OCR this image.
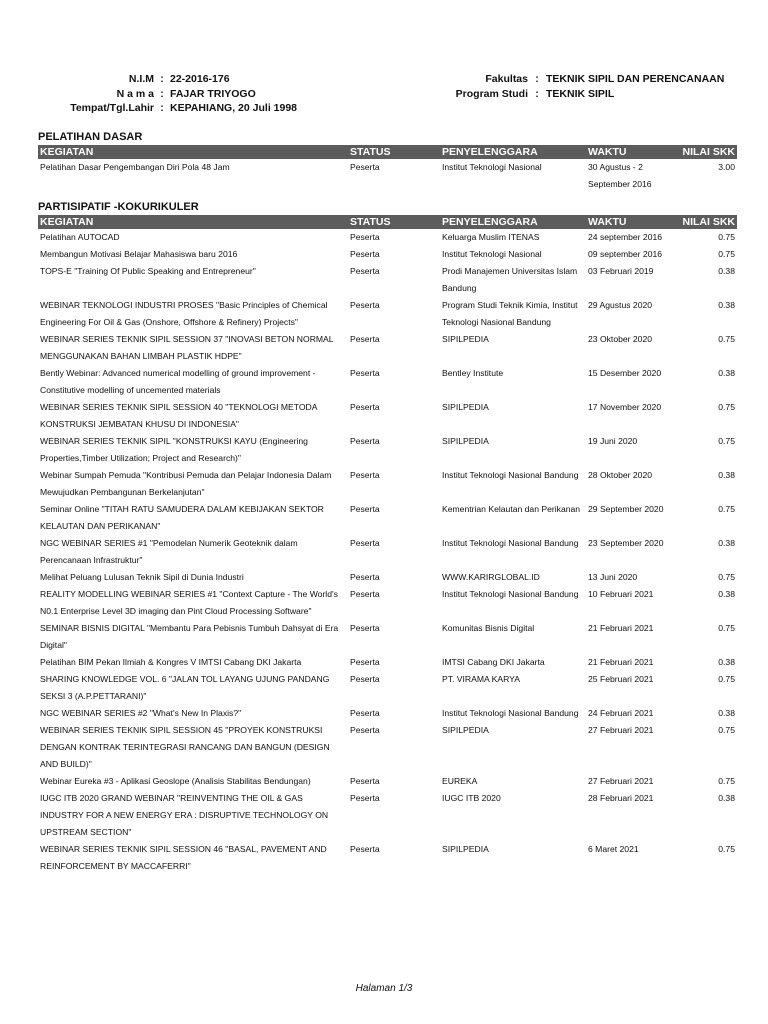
N.I.M	:	22-2016-176
N a m a	:	FAJAR TRIYOGO
Tempat/Tgl.Lahir	:	KEPAHIANG, 20 Juli 1998
Fakultas	:	TEKNIK SIPIL DAN PERENCANAAN
Program Studi	:	TEKNIK SIPIL
PELATIHAN DASAR
KEGIATAN	STATUS	PENYELENGGARA	WAKTU	NILAI SKK
Pelatihan Dasar Pengembangan Diri Pola 48 Jam	Peserta	Institut Teknologi Nasional	30 Agustus - 2 September 2016	3.00
PARTISIPATIF -KOKURIKULER
KEGIATAN	STATUS	PENYELENGGARA	WAKTU	NILAI SKK
Pelatihan AUTOCAD	Peserta	Keluarga Muslim ITENAS	24 september 2016	0.75
Membangun Motivasi Belajar Mahasiswa baru 2016	Peserta	Institut Teknologi Nasional	09 september 2016	0.75
TOPS-E "Training Of Public Speaking and Entrepreneur"	Peserta	Prodi Manajemen Universitas Islam Bandung	03 Februari 2019	0.38
WEBINAR TEKNOLOGI INDUSTRI PROSES "Basic Principles of Chemical Engineering For Oil & Gas (Onshore, Offshore & Refinery) Projects"	Peserta	Program Studi Teknik Kimia, Institut Teknologi Nasional Bandung	29 Agustus 2020	0.38
WEBINAR SERIES TEKNIK SIPIL SESSION 37 "INOVASI BETON NORMAL MENGGUNAKAN BAHAN LIMBAH PLASTIK HDPE"	Peserta	SIPILPEDIA	23 Oktober 2020	0.75
Bently Webinar: Advanced numerical modelling of ground improvement - Constitutive modelling of uncemented materials	Peserta	Bentley Institute	15 Desember 2020	0.38
WEBINAR SERIES TEKNIK SIPIL SESSION 40 "TEKNOLOGI METODA KONSTRUKSI JEMBATAN KHUSU DI INDONESIA"	Peserta	SIPILPEDIA	17 November 2020	0.75
WEBINAR SERIES TEKNIK SIPIL "KONSTRUKSI KAYU (Engineering Properties,Timber Utilization; Project and Research)"	Peserta	SIPILPEDIA	19 Juni 2020	0.75
Webinar Sumpah Pemuda "Kontribusi Pemuda dan Pelajar Indonesia Dalam Mewujudkan Pembangunan Berkelanjutan"	Peserta	Institut Teknologi Nasional Bandung	28 Oktober 2020	0.38
Seminar Online "TITAH RATU SAMUDERA DALAM KEBIJAKAN SEKTOR KELAUTAN DAN PERIKANAN"	Peserta	Kementrian Kelautan dan Perikanan	29 September 2020	0.75
NGC WEBINAR SERIES #1 "Pemodelan Numerik Geoteknik dalam Perencanaan Infrastruktur"	Peserta	Institut Teknologi Nasional Bandung	23 September 2020	0.38
Melihat Peluang Lulusan Teknik Sipil di Dunia Industri	Peserta	WWW.KARIRGLOBAL.ID	13 Juni 2020	0.75
REALITY MODELLING WEBINAR SERIES #1 "Context Capture - The World's N0.1 Enterprise Level 3D imaging dan Pint Cloud Processing Software"	Peserta	Institut Teknologi Nasional Bandung	10 Februari 2021	0.38
SEMINAR BISNIS DIGITAL "Membantu Para Pebisnis Tumbuh Dahsyat di Era Digital"	Peserta	Komunitas Bisnis Digital	21 Februari 2021	0.75
Pelatihan BIM Pekan Ilmiah & Kongres V IMTSI Cabang DKI Jakarta	Peserta	IMTSI Cabang DKI Jakarta	21 Februari 2021	0.38
SHARING KNOWLEDGE VOL. 6 "JALAN TOL LAYANG UJUNG PANDANG SEKSI 3 (A.P.PETTARANI)"	Peserta	PT. VIRAMA KARYA	25 Februari 2021	0.75
NGC WEBINAR SERIES #2 "What's New In Plaxis?"	Peserta	Institut Teknologi Nasional Bandung	24 Februari 2021	0.38
WEBINAR SERIES TEKNIK SIPIL SESSION 45 "PROYEK KONSTRUKSI DENGAN KONTRAK TERINTEGRASI RANCANG DAN BANGUN (DESIGN AND BUILD)"	Peserta	SIPILPEDIA	27 Februari 2021	0.75
Webinar Eureka #3 - Aplikasi Geoslope (Analisis Stabilitas Bendungan)	Peserta	EUREKA	27 Februari 2021	0.75
IUGC ITB 2020 GRAND WEBINAR "REINVENTING THE OIL & GAS INDUSTRY FOR A NEW ENERGY ERA : DISRUPTIVE TECHNOLOGY ON UPSTREAM SECTION"	Peserta	IUGC ITB 2020	28 Februari 2021	0.38
WEBINAR SERIES TEKNIK SIPIL SESSION 46 "BASAL, PAVEMENT AND REINFORCEMENT BY MACCAFERRI"	Peserta	SIPILPEDIA	6 Maret 2021	0.75
Halaman 1/3
